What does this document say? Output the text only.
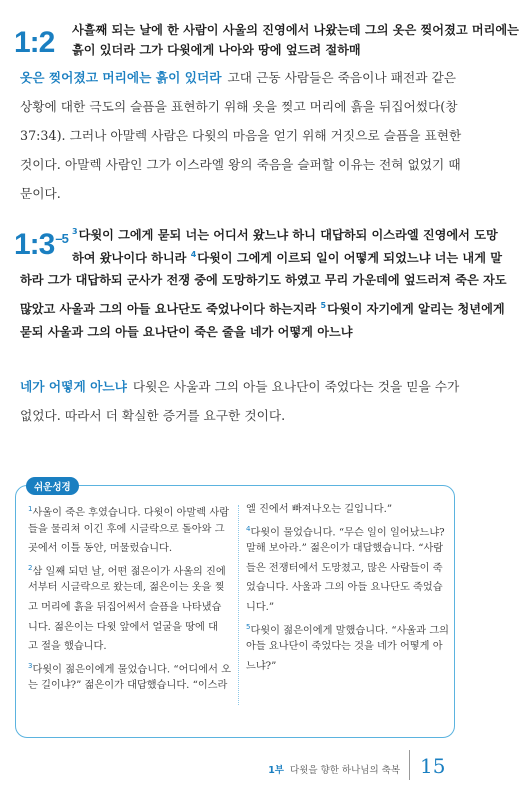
1:2 사흘째 되는 날에 한 사람이 사울의 진영에서 나왔는데 그의 옷은 찢어졌고 머리에는
흙이 있더라 그가 다윗에게 나아와 땅에 엎드려 절하매
옷은 찢어졌고 머리에는 흙이 있더라 고대 근동 사람들은 죽음이나 패전과 같은
상황에 대한 극도의 슬픔을 표현하기 위해 옷을 찢고 머리에 흙을 뒤집어썼다(창
37:34). 그러나 아말렉 사람은 다윗의 마음을 얻기 위해 거짓으로 슬픔을 표현한
것이다. 아말렉 사람인 그가 이스라엘 왕의 죽음을 슬퍼할 이유는 전혀 없었기 때
문이다.
$1:3^{-5}$ $^3$다윗이 그에게 묻되 너는 어디서 왔느냐 하니 대답하되 이스라엘 진영에서 도망
하여 왔나이다 하니라 $^4$다윗이 그에게 이르되 일이 어떻게 되었느냐 너는 내게 말
하라 그가 대답하되 군사가 전쟁 중에 도망하기도 하였고 무리 가운데에 엎드러져 죽은 자도
많았고 사울과 그의 아들 요나단도 죽었나이다 하는지라 $^5$다윗이 자기에게 알리는 청년에게
묻되 사울과 그의 아들 요나단이 죽은 줄을 네가 어떻게 아느냐
네가 어떻게 아느냐 다윗은 사울과 그의 아들 요나단이 죽었다는 것을 믿을 수가
없었다. 따라서 더 확실한 증거를 요구한 것이다.
쉬운성경
$^1$사울이 죽은 후였습니다. 다윗이 아말렉 사람
들을 물리쳐 이긴 후에 시글락으로 돌아와 그
곳에서 이틀 동안, 머물렀습니다.
$^2$삼 일째 되던 날, 어떤 젊은이가 사울의 진에
서부터 시글락으로 왔는데, 젊은이는 옷을 찢
고 머리에 흙을 뒤집어써서 슬픔을 나타냈습
니다. 젊은이는 다윗 앞에서 얼굴을 땅에 대
고 절을 했습니다.
$^3$다윗이 젊은이에게 물었습니다. “어디에서 오
는 길이냐?” 젊은이가 대답했습니다. “이스라
엘 진에서 빠져나오는 길입니다.”
$^4$다윗이 물었습니다. “무슨 일이 일어났느냐?
말해 보아라.” 젊은이가 대답했습니다. “사람
들은 전쟁터에서 도망쳤고, 많은 사람들이 죽
었습니다. 사울과 그의 아들 요나단도 죽었습
니다.”
$^5$다윗이 젊은이에게 말했습니다. “사울과 그의
아들 요나단이 죽었다는 것을 네가 어떻게 아
느냐?”
1부 다윗을 향한 하나님의 축복 15
